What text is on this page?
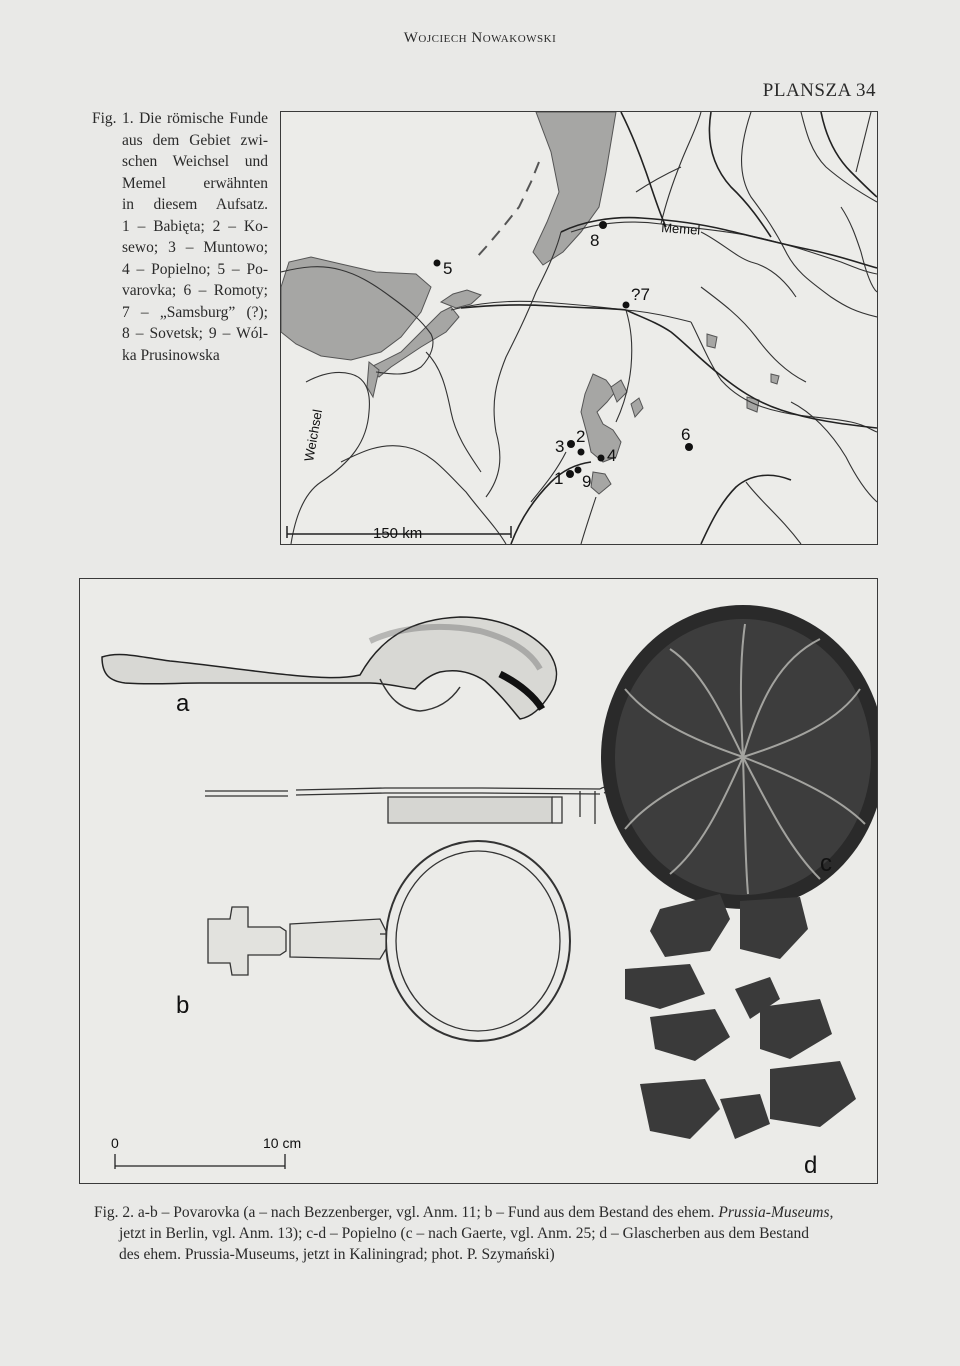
Wojciech Nowakowski
PLANSZA 34
Fig. 1. Die römische Funde
aus dem Gebiet zwi-
schen Weichsel und
Memel erwähnten
in diesem Aufsatz.
1 – Babięta; 2 – Ko-
sewo; 3 – Muntowo;
4 – Popielno; 5 – Po-
varovka; 6 – Romoty;
7 – „Samsburg” (?);
8 – Sovetsk; 9 – Wól-
ka Prusinowska
5
8
?7
3
2
4
1 9
6
Memel
Weichsel
150 km
a
b
c
d
0	10 cm
Fig. 2. a-b – Povarovka (a – nach Bezzenberger, vgl. Anm. 11; b – Fund aus dem Bestand des ehem. Prussia-Museums,
jetzt in Berlin, vgl. Anm. 13); c-d – Popielno (c – nach Gaerte, vgl. Anm. 25; d – Glascherben aus dem Bestand
des ehem. Prussia-Museums, jetzt in Kaliningrad; phot. P. Szymański)
